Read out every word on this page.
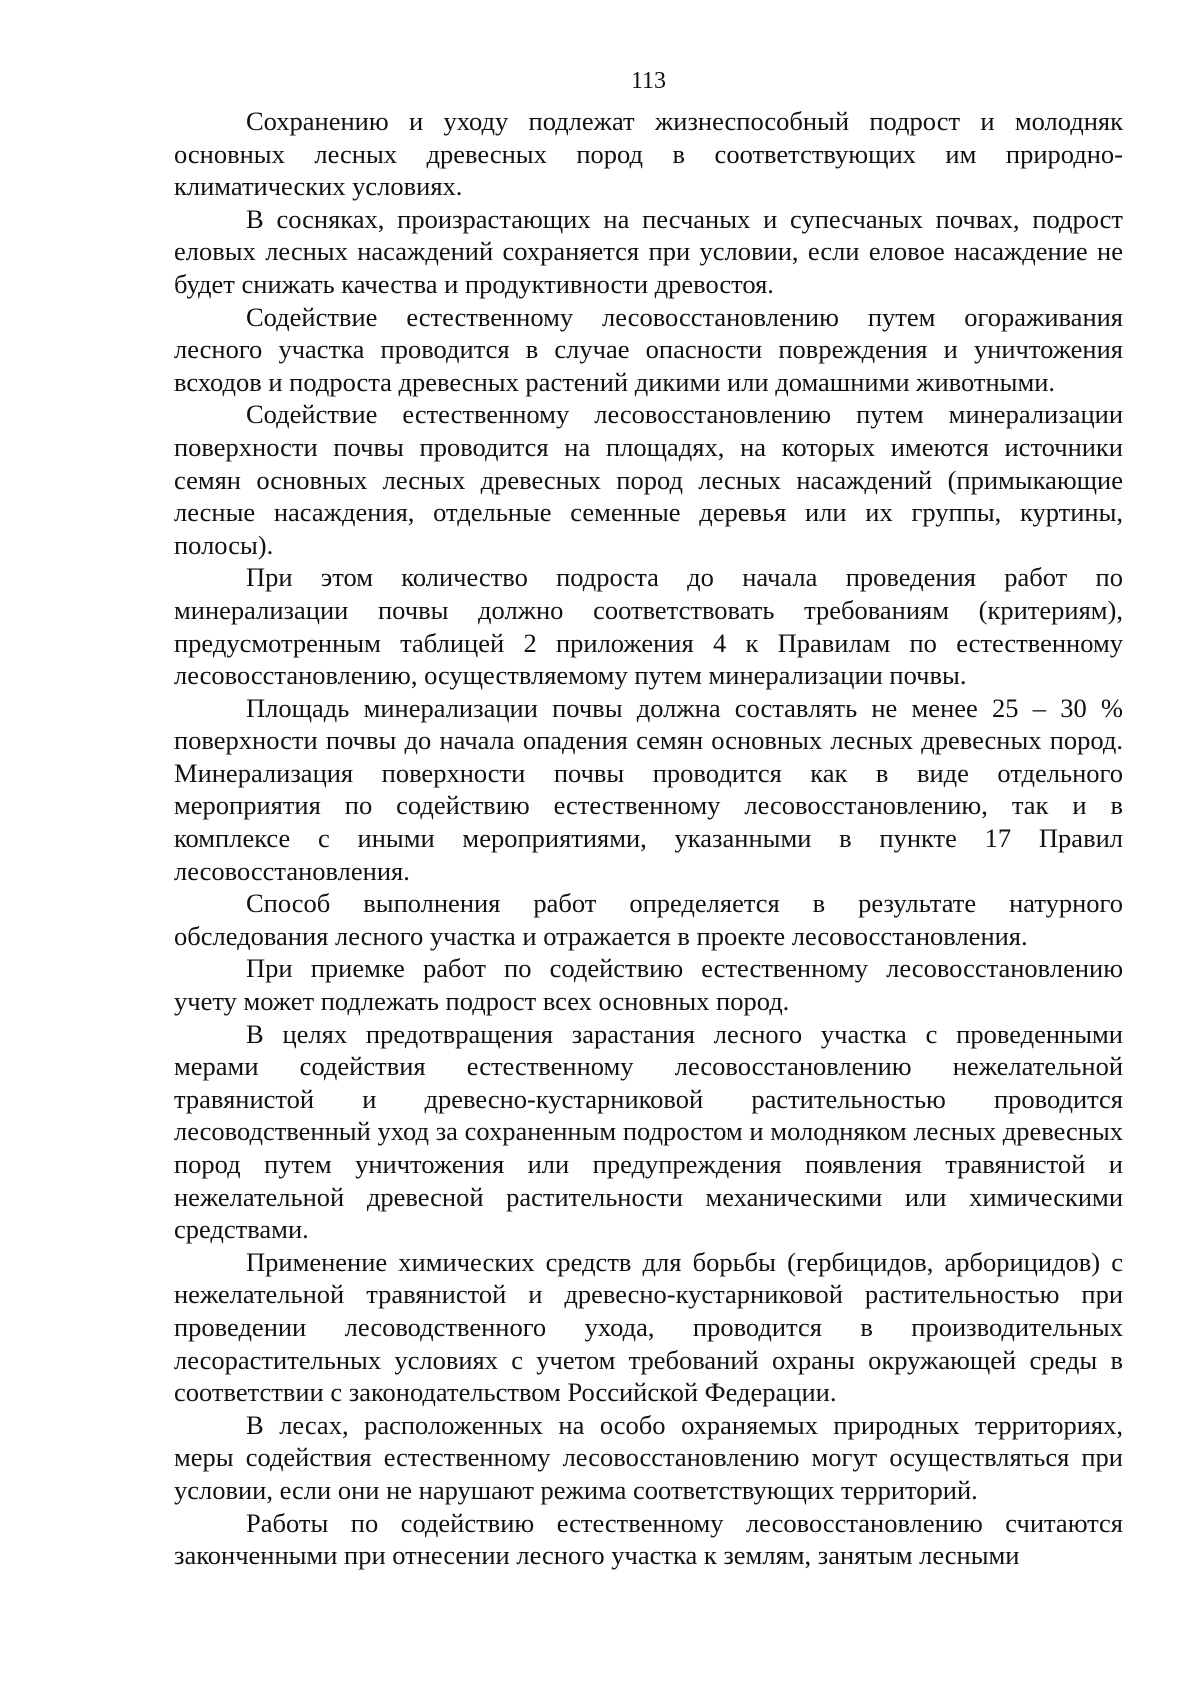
113

Сохранению и уходу подлежат жизнеспособный подрост и молодняк основных лесных древесных пород в соответствующих им природно-климатических условиях.

В сосняках, произрастающих на песчаных и супесчаных почвах, подрост еловых лесных насаждений сохраняется при условии, если еловое насаждение не будет снижать качества и продуктивности древостоя.

Содействие естественному лесовосстановлению путем огораживания лесного участка проводится в случае опасности повреждения и уничтожения всходов и подроста древесных растений дикими или домашними животными.

Содействие естественному лесовосстановлению путем минерализации поверхности почвы проводится на площадях, на которых имеются источники семян основных лесных древесных пород лесных насаждений (примыкающие лесные насаждения, отдельные семенные деревья или их группы, куртины, полосы).

При этом количество подроста до начала проведения работ по минерализации почвы должно соответствовать требованиям (критериям), предусмотренным таблицей 2 приложения 4 к Правилам по естественному лесовосстановлению, осуществляемому путем минерализации почвы.

Площадь минерализации почвы должна составлять не менее 25 – 30 % поверхности почвы до начала опадения семян основных лесных древесных пород. Минерализация поверхности почвы проводится как в виде отдельного мероприятия по содействию естественному лесовосстановлению, так и в комплексе с иными мероприятиями, указанными в пункте 17 Правил лесовосстановления.

Способ выполнения работ определяется в результате натурного обследования лесного участка и отражается в проекте лесовосстановления.

При приемке работ по содействию естественному лесовосстановлению учету может подлежать подрост всех основных пород.

В целях предотвращения зарастания лесного участка с проведенными мерами содействия естественному лесовосстановлению нежелательной травянистой и древесно-кустарниковой растительностью проводится лесоводственный уход за сохраненным подростом и молодняком лесных древесных пород путем уничтожения или предупреждения появления травянистой и нежелательной древесной растительности механическими или химическими средствами.

Применение химических средств для борьбы (гербицидов, арборицидов) с нежелательной травянистой и древесно-кустарниковой растительностью при проведении лесоводственного ухода, проводится в производительных лесорастительных условиях с учетом требований охраны окружающей среды в соответствии с законодательством Российской Федерации.

В лесах, расположенных на особо охраняемых природных территориях, меры содействия естественному лесовосстановлению могут осуществляться при условии, если они не нарушают режима соответствующих территорий.

Работы по содействию естественному лесовосстановлению считаются законченными при отнесении лесного участка к землям, занятым лесными
